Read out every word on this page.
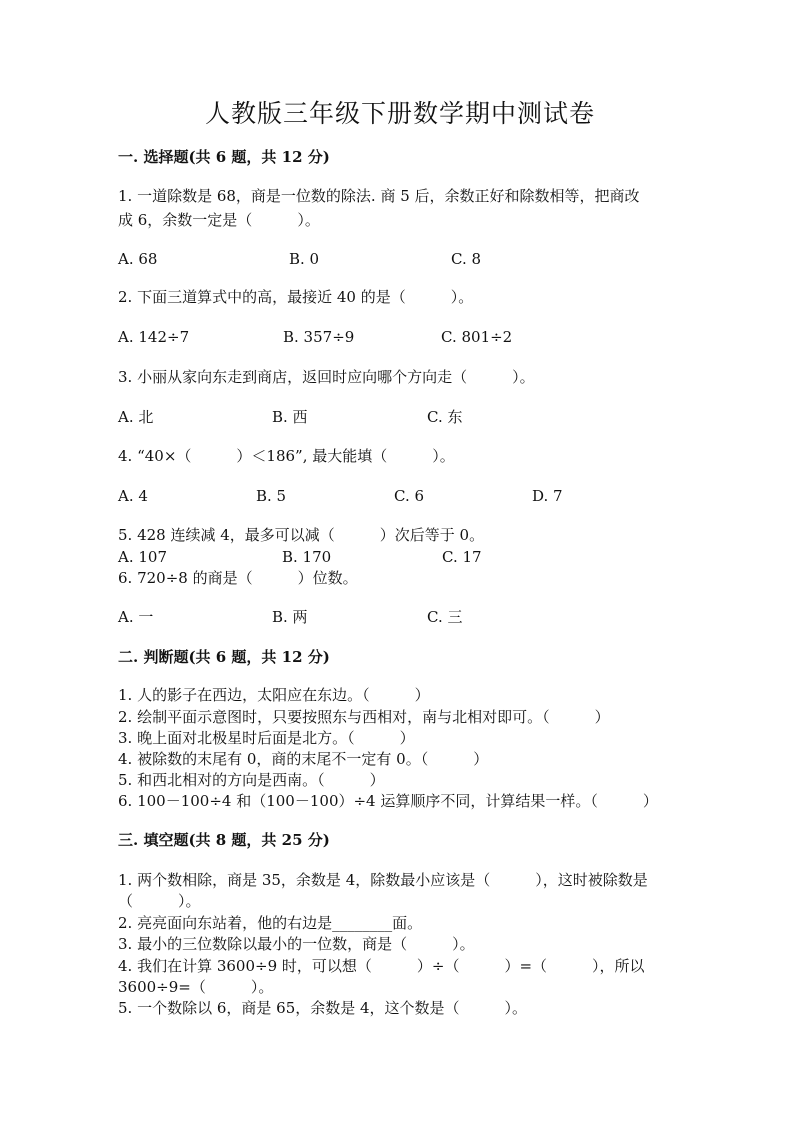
人教版三年级下册数学期中测试卷
一. 选择题(共 6 题，共 12 分)
1. 一道除数是 68，商是一位数的除法. 商 5 后，余数正好和除数相等，把商改
成 6，余数一定是（　　　）。
A. 68	B. 0	C. 8
2. 下面三道算式中的高，最接近 40 的是（　　　）。
A. 142÷7	B. 357÷9	C. 801÷2
3. 小丽从家向东走到商店，返回时应向哪个方向走（　　　）。
A. 北	B. 西	C. 东
4. “40×（　　　）＜186”, 最大能填（　　　）。
A. 4	B. 5	C. 6	D. 7
5. 428 连续减 4，最多可以减（　　　）次后等于 0。
A. 107	B. 170	C. 17
6. 720÷8 的商是（　　　）位数。
A. 一	B. 两	C. 三
二. 判断题(共 6 题，共 12 分)
1. 人的影子在西边，太阳应在东边。（　　　）
2. 绘制平面示意图时，只要按照东与西相对，南与北相对即可。（　　　）
3. 晚上面对北极星时后面是北方。（　　　）
4. 被除数的末尾有 0，商的末尾不一定有 0。（　　　）
5. 和西北相对的方向是西南。（　　　）
6. 100－100÷4 和（100－100）÷4 运算顺序不同，计算结果一样。（　　　）
三. 填空题(共 8 题，共 25 分)
1. 两个数相除，商是 35，余数是 4，除数最小应该是（　　　），这时被除数是
（　　　）。
2. 亮亮面向东站着，他的右边是________面。
3. 最小的三位数除以最小的一位数，商是（　　　）。
4. 我们在计算 3600÷9 时，可以想（　　　）÷（　　　）=（　　　），所以
3600÷9=（　　　）。
5. 一个数除以 6，商是 65，余数是 4，这个数是（　　　）。
